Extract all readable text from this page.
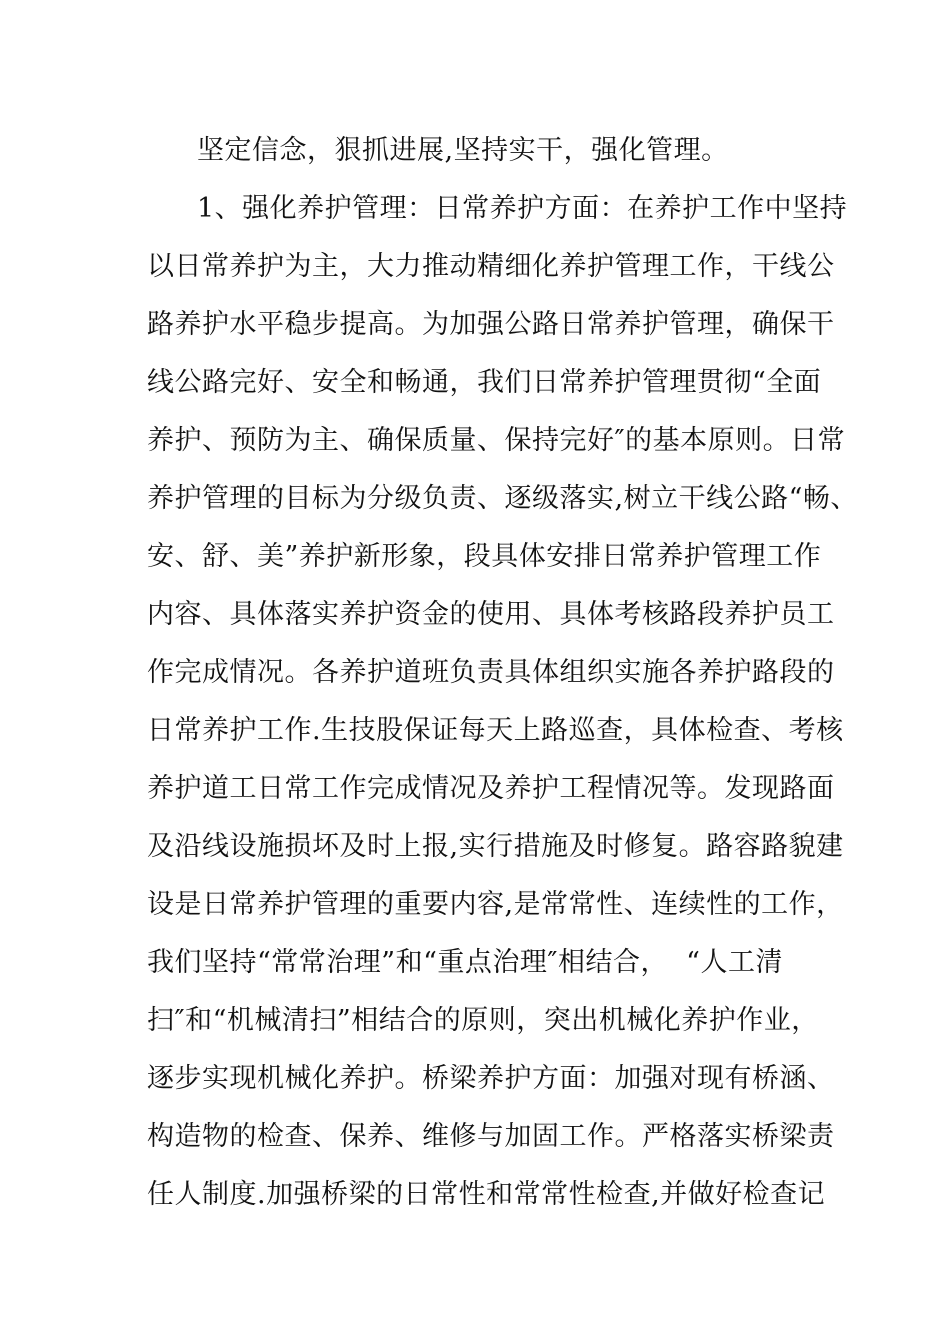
坚定信念，狠抓进展,坚持实干，强化管理。
1、强化养护管理：日常养护方面：在养护工作中坚持
以日常养护为主，大力推动精细化养护管理工作，干线公
路养护水平稳步提高。为加强公路日常养护管理，确保干
线公路完好、安全和畅通，我们日常养护管理贯彻“全面
养护、预防为主、确保质量、保持完好″的基本原则。日常
养护管理的目标为分级负责、逐级落实,树立干线公路“畅、
安、舒、美”养护新形象，段具体安排日常养护管理工作
内容、具体落实养护资金的使用、具体考核路段养护员工
作完成情况。各养护道班负责具体组织实施各养护路段的
日常养护工作.生技股保证每天上路巡查，具体检查、考核
养护道工日常工作完成情况及养护工程情况等。发现路面
及沿线设施损坏及时上报,实行措施及时修复。路容路貌建
设是日常养护管理的重要内容,是常常性、连续性的工作，
我们坚持“常常治理”和“重点治理″相结合，  “人工清
扫″和“机械清扫”相结合的原则，突出机械化养护作业，
逐步实现机械化养护。桥梁养护方面：加强对现有桥涵、
构造物的检查、保养、维修与加固工作。严格落实桥梁责
任人制度.加强桥梁的日常性和常常性检查,并做好检查记
